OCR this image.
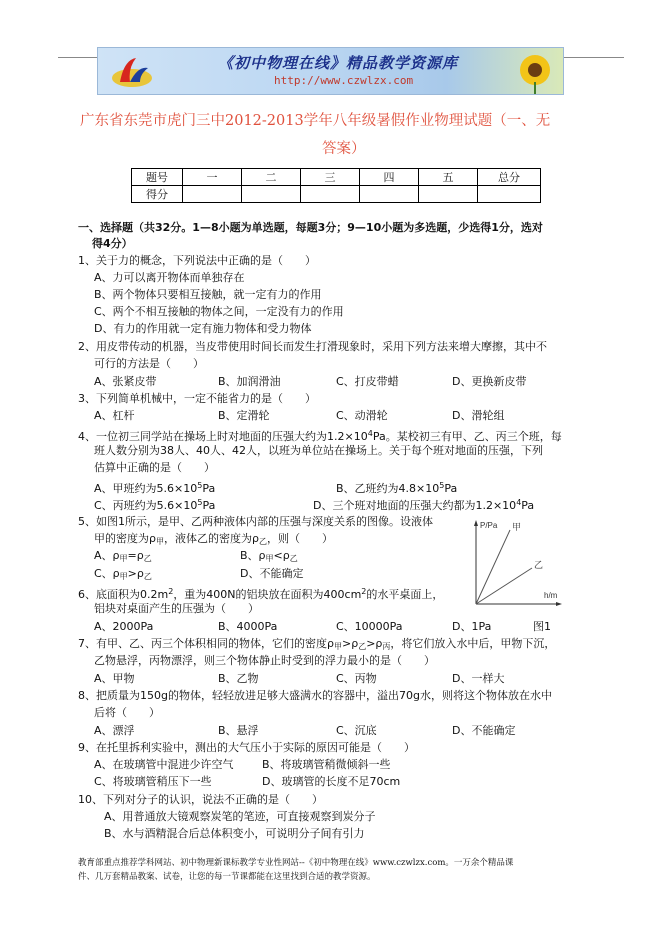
《初中物理在线》精品教学资源库
http://www.czwlzx.com
广东省东莞市虎门三中2012-2013学年八年级暑假作业物理试题（一、无
答案）
题号	一	二	三	四	五	总分
得分						
一、选择题（共32分。1—8小题为单选题，每题3分；9—10小题为多选题，少选得1分，选对
得4分）
1、关于力的概念，下列说法中正确的是（　　）
A、力可以离开物体而单独存在
B、两个物体只要相互接触，就一定有力的作用
C、两个不相互接触的物体之间，一定没有力的作用
D、有力的作用就一定有施力物体和受力物体
2、用皮带传动的机器，当皮带使用时间长而发生打滑现象时，采用下列方法来增大摩擦，其中不
可行的方法是（　　）
A、张紧皮带	B、加润滑油	C、打皮带蜡	D、更换新皮带
3、下列简单机械中，一定不能省力的是（　　）
A、杠杆	B、定滑轮	C、动滑轮	D、滑轮组
4、一位初三同学站在操场上时对地面的压强大约为$1.2\times 10^4Pa$。某校初三有甲、乙、丙三个班，每
班人数分别为38人、40人、42人，以班为单位站在操场上。关于每个班对地面的压强，下列
估算中正确的是（　　）
A、甲班约为$5.6\times 10^5Pa$	B、乙班约为$4.8\times 10^5Pa$
C、丙班约为$5.6\times 10^5Pa$	D、三个班对地面的压强大约都为$1.2\times 10^4Pa$
5、如图1所示，是甲、乙两种液体内部的压强与深度关系的图像。设液体
甲的密度为$\rho_甲$，液体乙的密度为$\rho_乙$，则（　　）
A、$\rho_甲=\rho_乙$	B、$\rho_甲<\rho_乙$
C、$\rho_甲>\rho_乙$	D、不能确定
P/Pa
h/m
甲
乙
图1
6、底面积为$0.2m^2$，重为400N的铝块放在面积为$400cm^2$的水平桌面上，
铝块对桌面产生的压强为（　　）
A、2000Pa	B、4000Pa	C、10000Pa	D、1Pa
7、有甲、乙、丙三个体积相同的物体，它们的密度$\rho_甲>\rho_乙>\rho_丙$，将它们放入水中后，甲物下沉，
乙物悬浮，丙物漂浮，则三个物体静止时受到的浮力最小的是（　　）
A、甲物	B、乙物	C、丙物	D、一样大
8、把质量为150g的物体，轻轻放进足够大盛满水的容器中，溢出70g水，则将这个物体放在水中
后将（　　）
A、漂浮	B、悬浮	C、沉底	D、不能确定
9、在托里拆利实验中，测出的大气压小于实际的原因可能是（　　）
A、在玻璃管中混进少许空气	B、将玻璃管稍微倾斜一些
C、将玻璃管稍压下一些	D、玻璃管的长度不足70cm
10、下列对分子的认识，说法不正确的是（　　）
A、用普通放大镜观察炭笔的笔迹，可直接观察到炭分子
B、水与酒精混合后总体积变小，可说明分子间有引力
教育部重点推荐学科网站、初中物理新课标教学专业性网站--《初中物理在线》www.czwlzx.com。一万余个精品课
件、几万套精品教案、试卷，让您的每一节课都能在这里找到合适的教学资源。
